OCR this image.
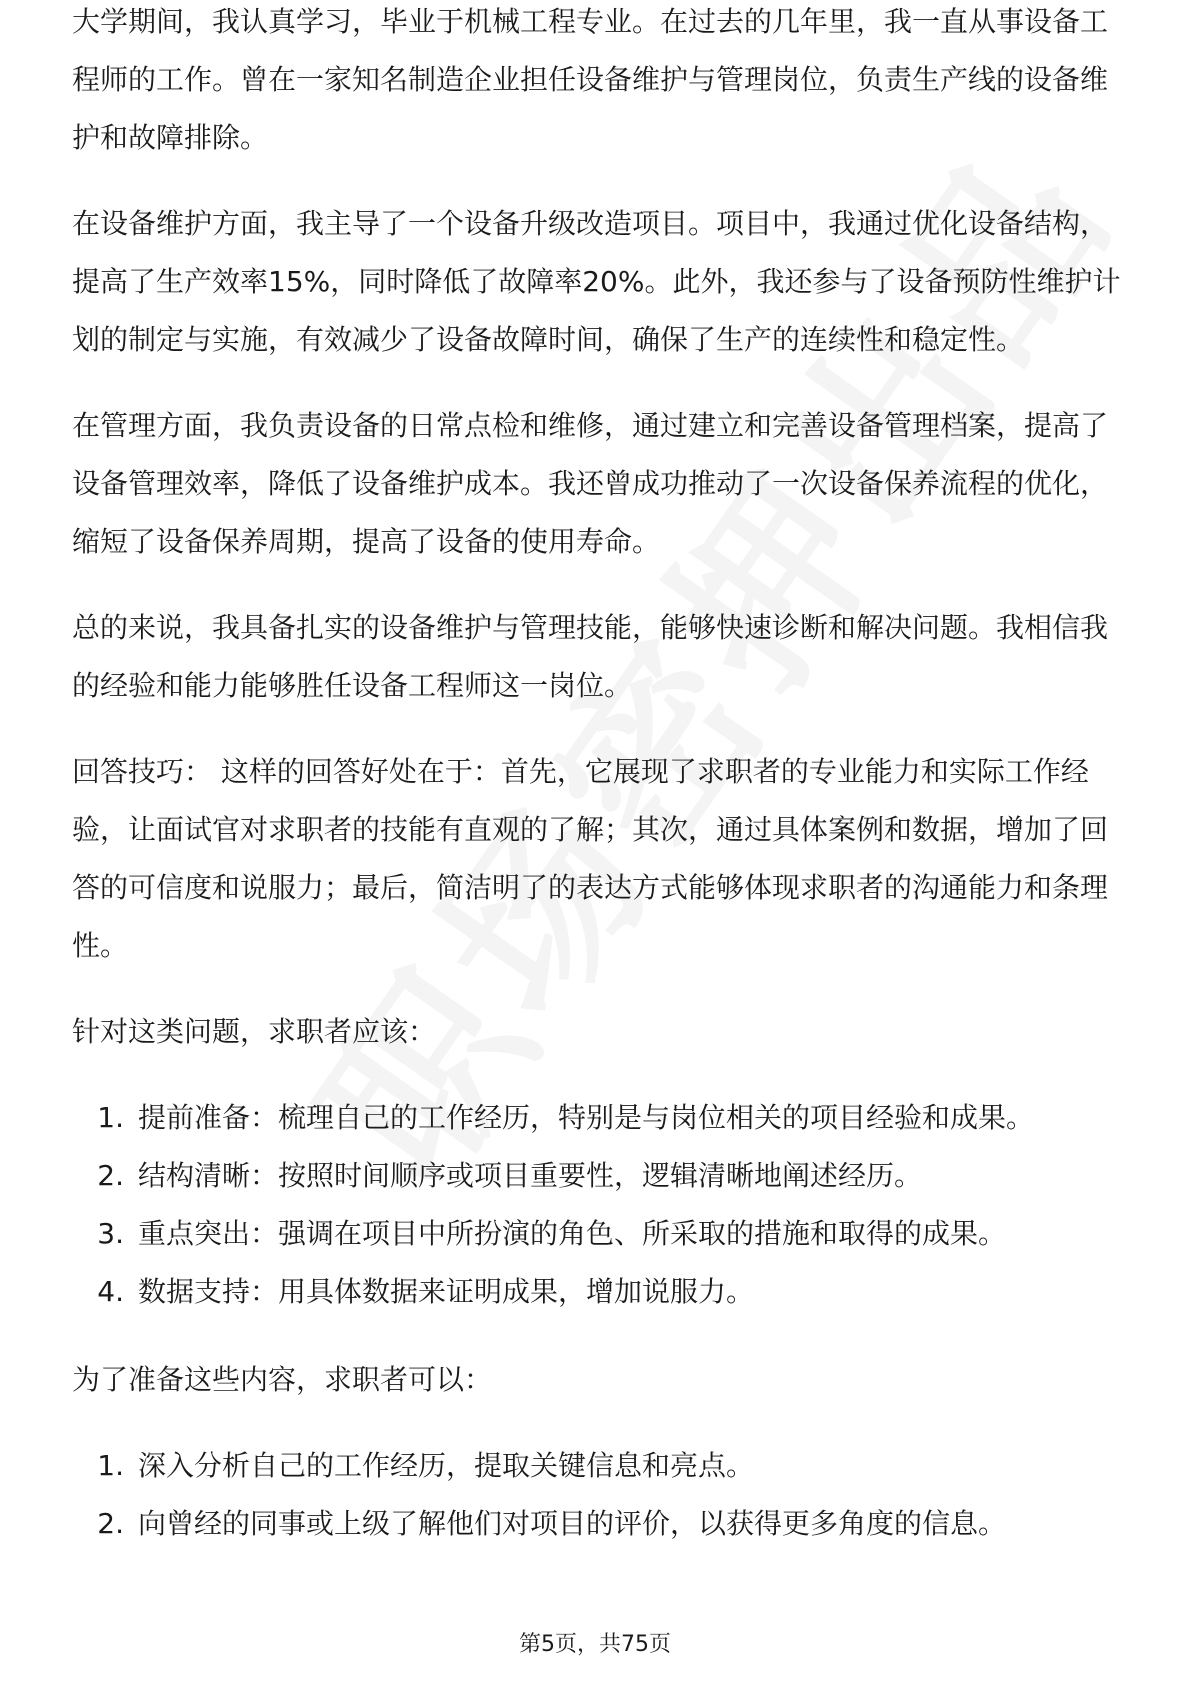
大学期间，我认真学习，毕业于机械工程专业。在过去的几年里，我一直从事设备工程师的工作。曾在一家知名制造企业担任设备维护与管理岗位，负责生产线的设备维护和故障排除。

在设备维护方面，我主导了一个设备升级改造项目。项目中，我通过优化设备结构，提高了生产效率15%，同时降低了故障率20%。此外，我还参与了设备预防性维护计划的制定与实施，有效减少了设备故障时间，确保了生产的连续性和稳定性。

在管理方面，我负责设备的日常点检和维修，通过建立和完善设备管理档案，提高了设备管理效率，降低了设备维护成本。我还曾成功推动了一次设备保养流程的优化，缩短了设备保养周期，提高了设备的使用寿命。

总的来说，我具备扎实的设备维护与管理技能，能够快速诊断和解决问题。我相信我的经验和能力能够胜任设备工程师这一岗位。

回答技巧： 这样的回答好处在于：首先，它展现了求职者的专业能力和实际工作经验，让面试官对求职者的技能有直观的了解；其次，通过具体案例和数据，增加了回答的可信度和说服力；最后，简洁明了的表达方式能够体现求职者的沟通能力和条理性。

针对这类问题，求职者应该：

1. 提前准备：梳理自己的工作经历，特别是与岗位相关的项目经验和成果。
2. 结构清晰：按照时间顺序或项目重要性，逻辑清晰地阐述经历。
3. 重点突出：强调在项目中所扮演的角色、所采取的措施和取得的成果。
4. 数据支持：用具体数据来证明成果，增加说服力。

为了准备这些内容，求职者可以：

1. 深入分析自己的工作经历，提取关键信息和亮点。
2. 向曾经的同事或上级了解他们对项目的评价，以获得更多角度的信息。
第5页，共75页
